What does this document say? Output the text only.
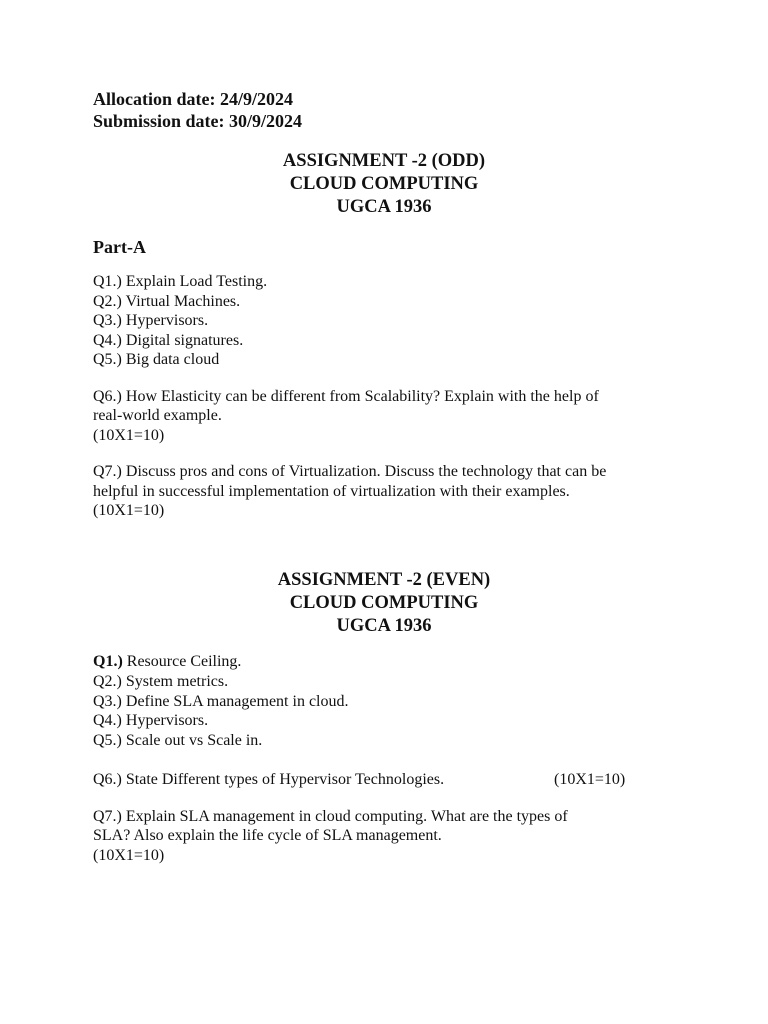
Allocation date: 24/9/2024
Submission date: 30/9/2024
ASSIGNMENT -2 (ODD)
CLOUD COMPUTING
UGCA 1936
Part-A
Q1.) Explain Load Testing.
Q2.) Virtual Machines.
Q3.) Hypervisors.
Q4.) Digital signatures.
Q5.) Big data cloud
Q6.) How Elasticity can be different from Scalability? Explain with the help of
real-world example.
(10X1=10)
Q7.) Discuss pros and cons of Virtualization. Discuss the technology that can be
helpful in successful implementation of virtualization with their examples.
(10X1=10)
ASSIGNMENT -2 (EVEN)
CLOUD COMPUTING
UGCA 1936
Q1.) Resource Ceiling.
Q2.) System metrics.
Q3.) Define SLA management in cloud.
Q4.) Hypervisors.
Q5.) Scale out vs Scale in.
Q6.) State Different types of Hypervisor Technologies.	(10X1=10)
Q7.) Explain SLA management in cloud computing. What are the types of
SLA? Also explain the life cycle of SLA management.
(10X1=10)
